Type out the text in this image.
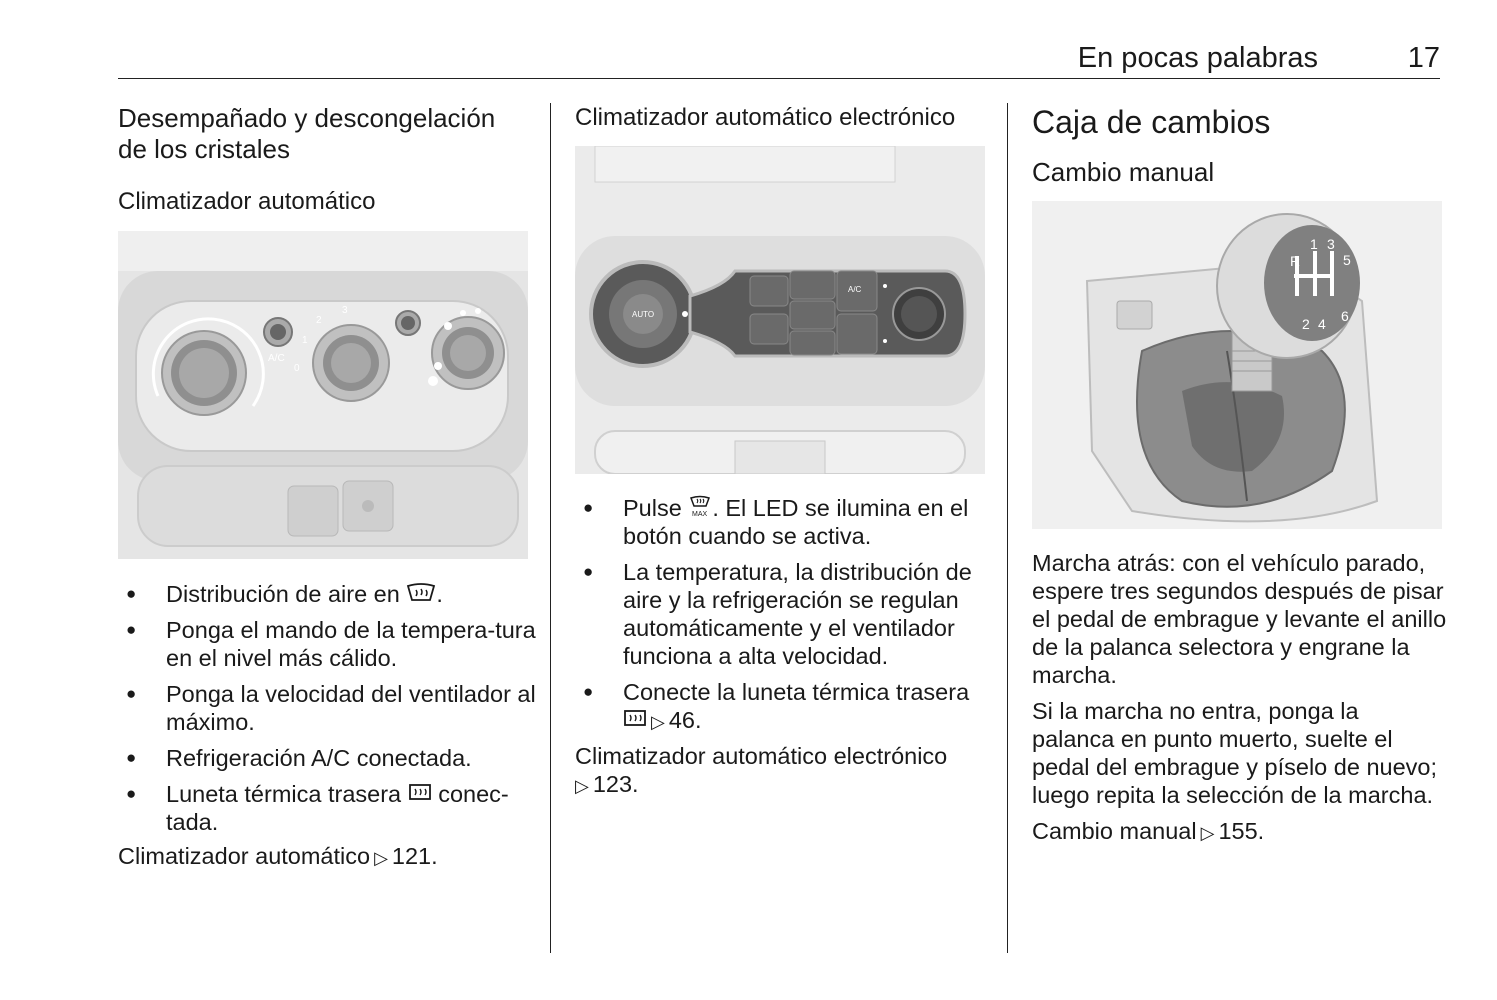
En pocas palabras	17
Desempañado y descongelación de los cristales
Climatizador automático
A/C
1
2
3
0
● Distribución de aire en .
● Ponga el mando de la tempera-tura en el nivel más cálido.
● Ponga la velocidad del ventilador al máximo.
● Refrigeración A/C conectada.
● Luneta térmica trasera conec-tada.

Climatizador automático ▷ 121.

Climatizador automático electrónico
AUTO
A/C
● Pulse MAX . El LED se ilumina en el botón cuando se activa.
● La temperatura, la distribución de aire y la refrigeración se regulan automáticamente y el ventilador funciona a alta velocidad.
● Conecte la luneta térmica trasera
▷ 46.

Climatizador automático electrónico
▷ 123.

Caja de cambios
Cambio manual
R
1 3
5
2 4 6

Marcha atrás: con el vehículo parado, espere tres segundos después de pisar el pedal de embrague y levante el anillo de la palanca selectora y engrane la marcha.

Si la marcha no entra, ponga la palanca en punto muerto, suelte el pedal del embrague y píselo de nuevo; luego repita la selección de la marcha.

Cambio manual ▷ 155.
